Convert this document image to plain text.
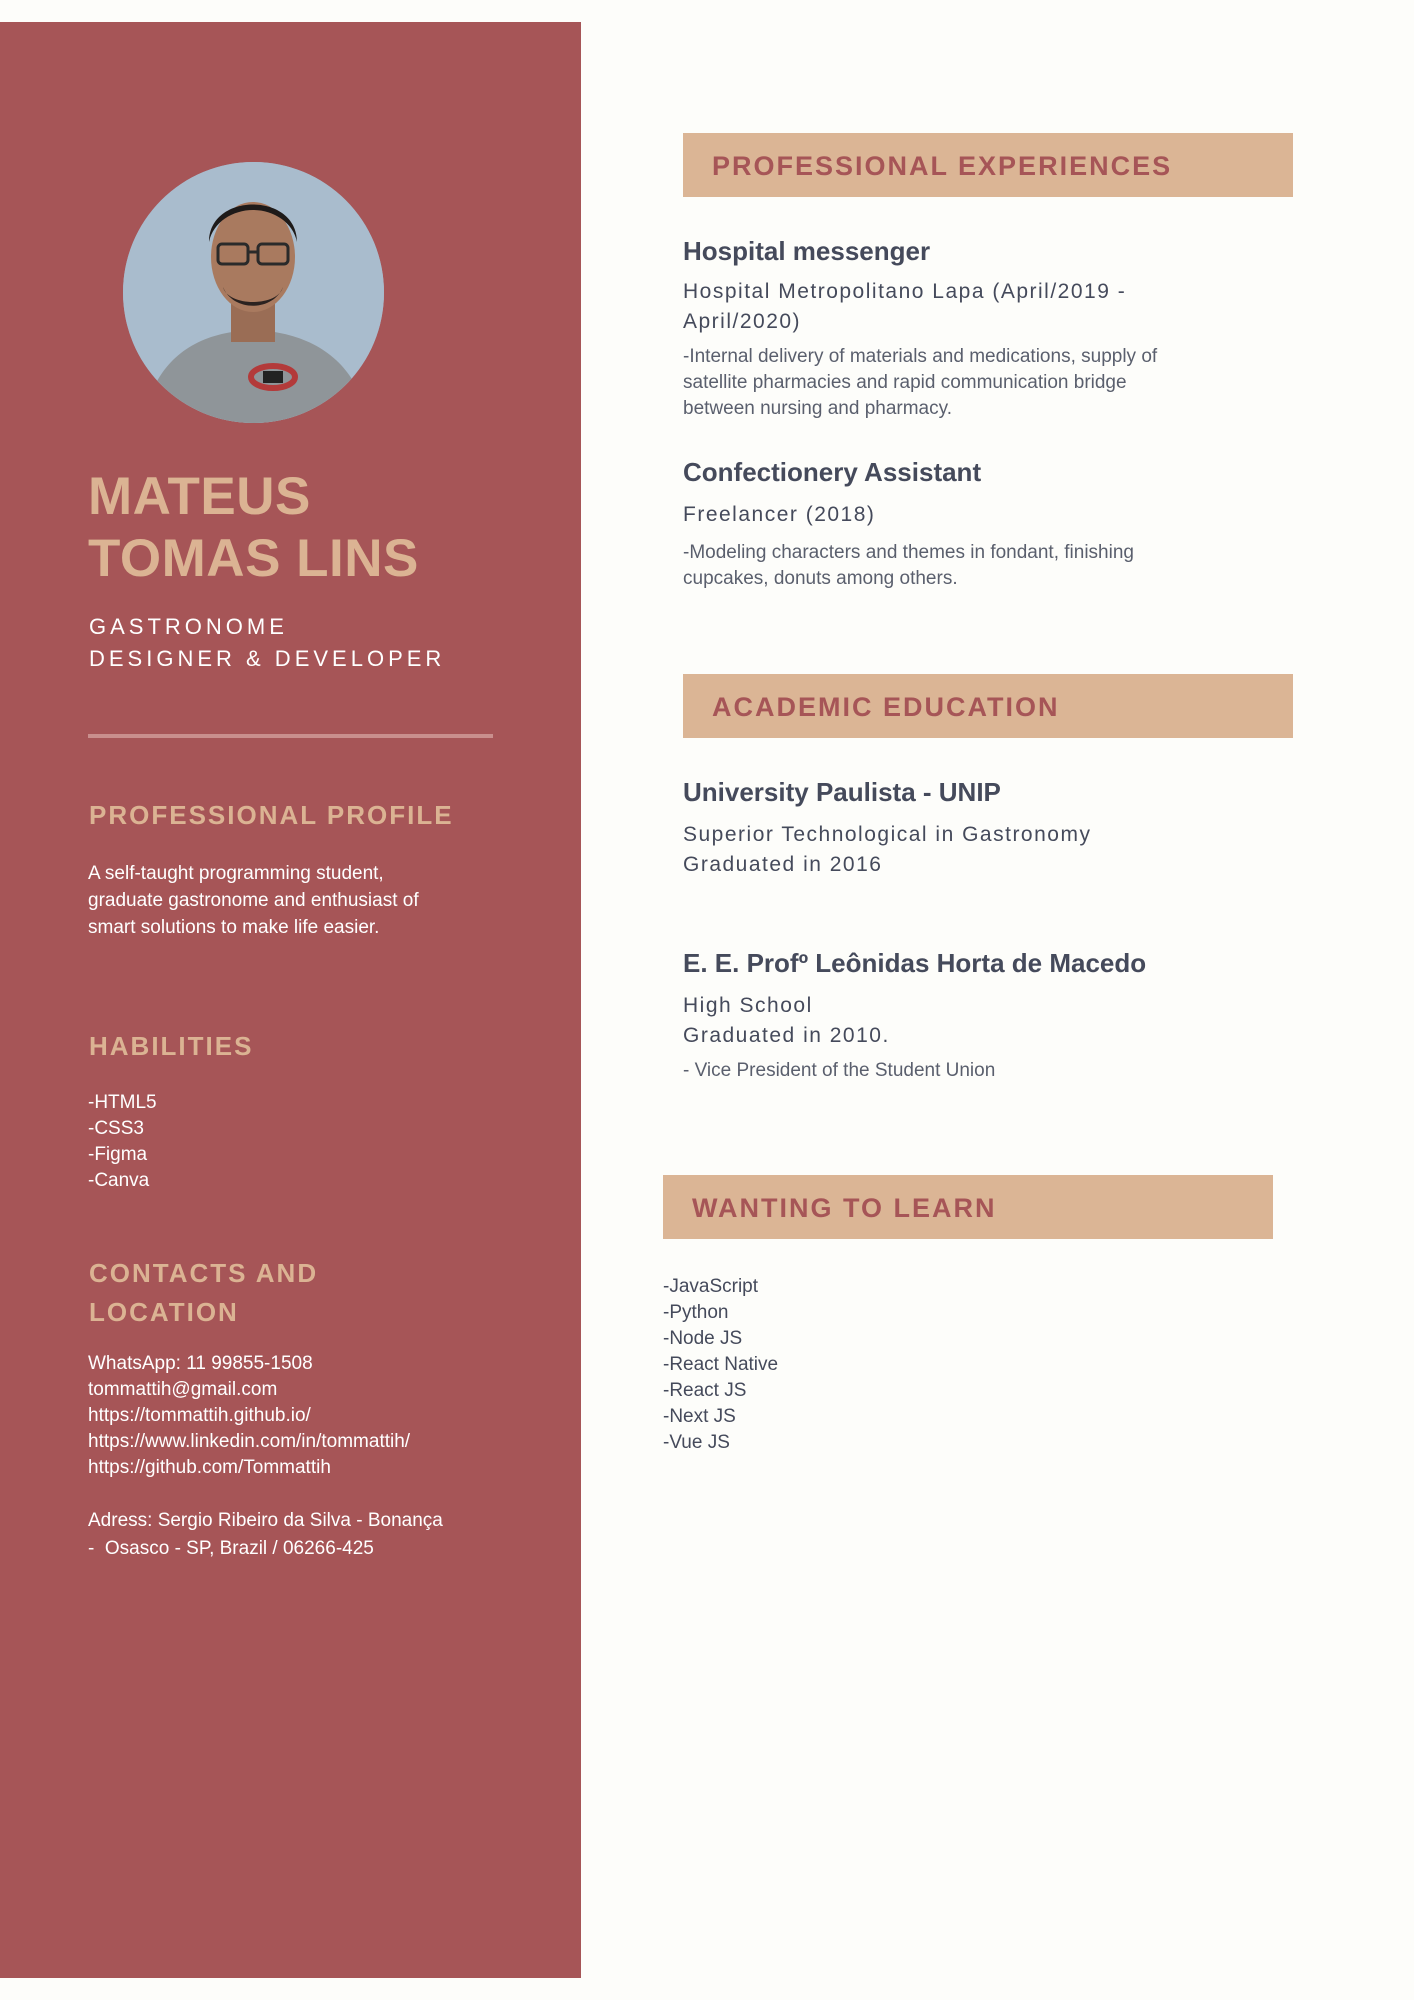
MATEUS
TOMAS LINS

GASTRONOME
DESIGNER & DEVELOPER

PROFESSIONAL PROFILE

A self-taught programming student,
graduate gastronome and enthusiast of
smart solutions to make life easier.

HABILITIES
-HTML5
-CSS3
-Figma
-Canva
CONTACTS AND
LOCATION
WhatsApp: 11 99855-1508
tommattih@gmail.com
https://tommattih.github.io/
https://www.linkedin.com/in/tommattih/
https://github.com/Tommattih

Adress: Sergio Ribeiro da Silva - Bonança
-  Osasco - SP, Brazil / 06266-425

PROFESSIONAL EXPERIENCES
Hospital messenger

Hospital Metropolitano Lapa (April/2019 -
April/2020)

-Internal delivery of materials and medications, supply of
satellite pharmacies and rapid communication bridge
between nursing and pharmacy.

Confectionery Assistant

Freelancer (2018)

-Modeling characters and themes in fondant, finishing
cupcakes, donuts among others.

ACADEMIC EDUCATION
University Paulista - UNIP

Superior Technological in Gastronomy
Graduated in 2016

E. E. Profº Leônidas Horta de Macedo

High School
Graduated in 2010.

- Vice President of the Student Union

WANTING TO LEARN
-JavaScript
-Python
-Node JS
-React Native
-React JS
-Next JS
-Vue JS
